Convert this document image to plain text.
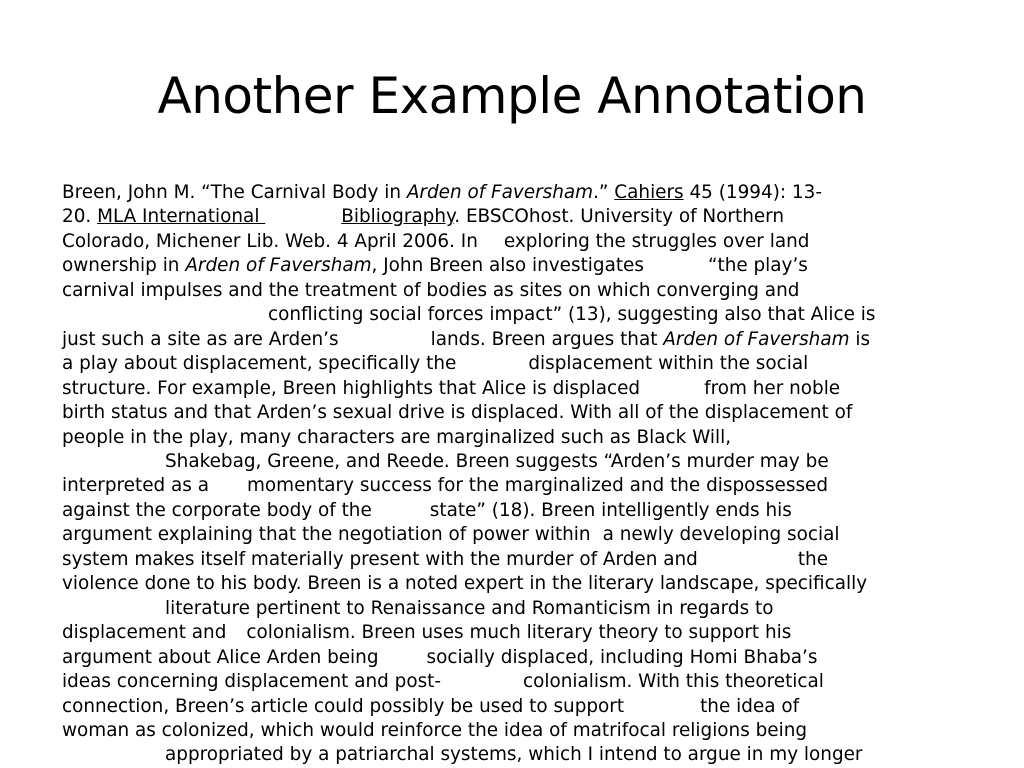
Another Example Annotation
Breen, John M. “The Carnival Body in Arden of Faversham.” Cahiers 45 (1994): 13-
20. MLA International	Bibliography. EBSCOhost. University of Northern
Colorado, Michener Lib. Web. 4 April 2006. In exploring the struggles over land
ownership in Arden of Faversham, John Breen also investigates	“the play’s
carnival impulses and the treatment of bodies as sites on which converging and
conflicting social forces impact” (13), suggesting also that Alice is
just such a site as are Arden’s	lands. Breen argues that Arden of Faversham is
a play about displacement, specifically the	displacement within the social
structure. For example, Breen highlights that Alice is displaced	from her noble
birth status and that Arden’s sexual drive is displaced. With all of the displacement of
people in the play, many characters are marginalized such as Black Will,
Shakebag, Greene, and Reede. Breen suggests “Arden’s murder may be
interpreted as a momentary success for the marginalized and the dispossessed
against the corporate body of the	state” (18). Breen intelligently ends his
argument explaining that the negotiation of power within a newly developing social
system makes itself materially present with the murder of Arden and	the
violence done to his body. Breen is a noted expert in the literary landscape, specifically
literature pertinent to Renaissance and Romanticism in regards to
displacement and colonialism. Breen uses much literary theory to support his
argument about Alice Arden being	socially displaced, including Homi Bhaba’s
ideas concerning displacement and post-	colonialism. With this theoretical
connection, Breen’s article could possibly be used to support	the idea of
woman as colonized, which would reinforce the idea of matrifocal religions being
appropriated by a patriarchal systems, which I intend to argue in my longer
